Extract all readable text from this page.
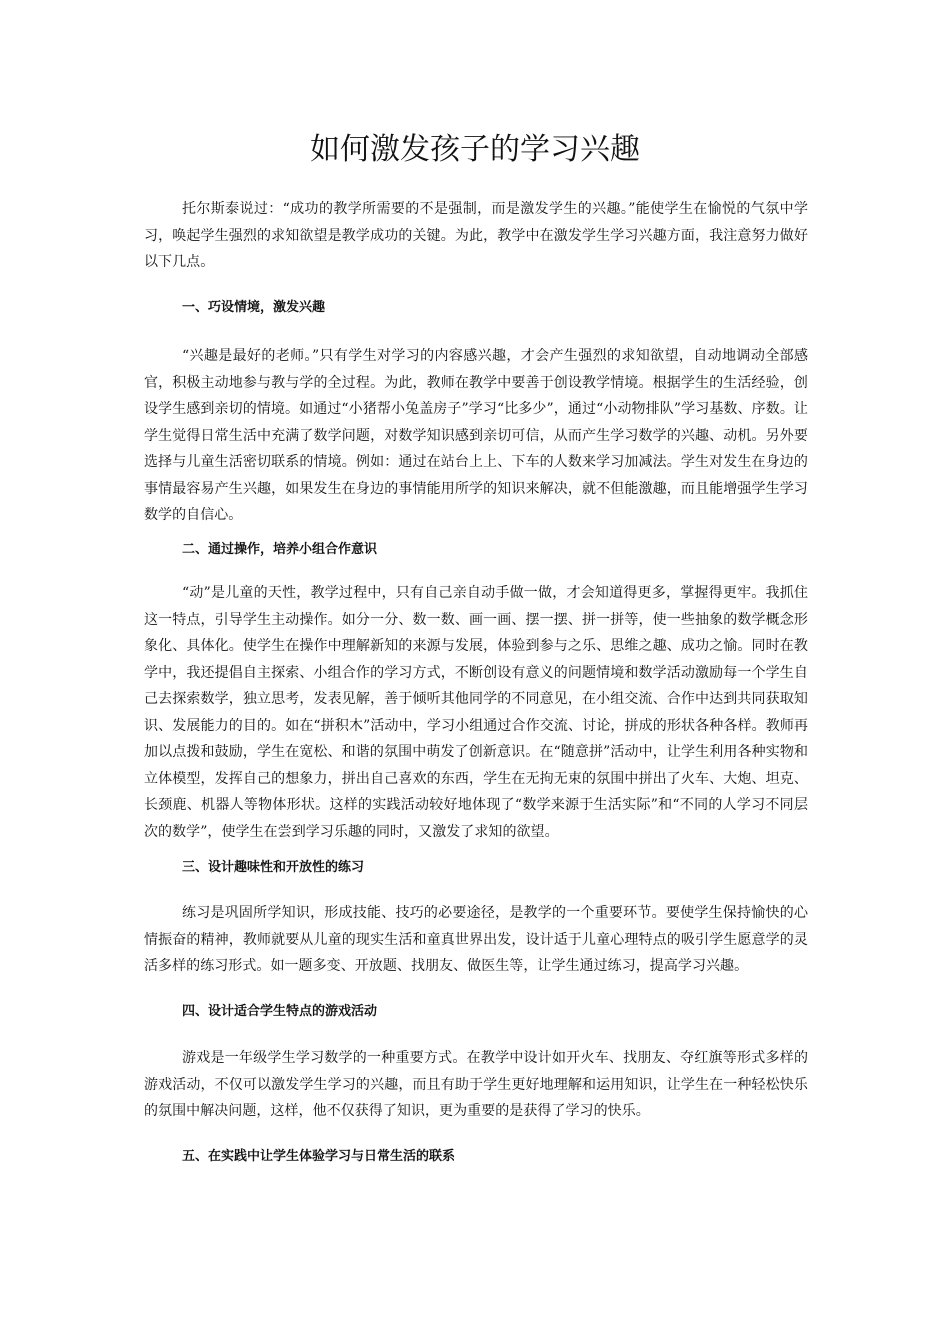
如何激发孩子的学习兴趣

托尔斯泰说过：“成功的教学所需要的不是强制，而是激发学生的兴趣。”能使学生在愉悦的气氛中学习，唤起学生强烈的求知欲望是教学成功的关键。为此，教学中在激发学生学习兴趣方面，我注意努力做好以下几点。

一、巧设情境，激发兴趣

“兴趣是最好的老师。”只有学生对学习的内容感兴趣，才会产生强烈的求知欲望，自动地调动全部感官，积极主动地参与教与学的全过程。为此，教师在教学中要善于创设教学情境。根据学生的生活经验，创设学生感到亲切的情境。如通过“小猪帮小兔盖房子”学习“比多少”，通过“小动物排队”学习基数、序数。让学生觉得日常生活中充满了数学问题，对数学知识感到亲切可信，从而产生学习数学的兴趣、动机。另外要选择与儿童生活密切联系的情境。例如：通过在站台上上、下车的人数来学习加减法。学生对发生在身边的事情最容易产生兴趣，如果发生在身边的事情能用所学的知识来解决，就不但能激趣，而且能增强学生学习数学的自信心。

二、通过操作，培养小组合作意识

“动”是儿童的天性，教学过程中，只有自己亲自动手做一做，才会知道得更多，掌握得更牢。我抓住这一特点，引导学生主动操作。如分一分、数一数、画一画、摆一摆、拼一拼等，使一些抽象的数学概念形象化、具体化。使学生在操作中理解新知的来源与发展，体验到参与之乐、思维之趣、成功之愉。同时在教学中，我还提倡自主探索、小组合作的学习方式，不断创设有意义的问题情境和数学活动激励每一个学生自己去探索数学，独立思考，发表见解，善于倾听其他同学的不同意见，在小组交流、合作中达到共同获取知识、发展能力的目的。如在“拼积木”活动中，学习小组通过合作交流、讨论，拼成的形状各种各样。教师再加以点拨和鼓励，学生在宽松、和谐的氛围中萌发了创新意识。在“随意拼”活动中，让学生利用各种实物和立体模型，发挥自己的想象力，拼出自己喜欢的东西，学生在无拘无束的氛围中拼出了火车、大炮、坦克、长颈鹿、机器人等物体形状。这样的实践活动较好地体现了“数学来源于生活实际”和“不同的人学习不同层次的数学”，使学生在尝到学习乐趣的同时，又激发了求知的欲望。

三、设计趣味性和开放性的练习

练习是巩固所学知识，形成技能、技巧的必要途径，是教学的一个重要环节。要使学生保持愉快的心情振奋的精神，教师就要从儿童的现实生活和童真世界出发，设计适于儿童心理特点的吸引学生愿意学的灵活多样的练习形式。如一题多变、开放题、找朋友、做医生等，让学生通过练习，提高学习兴趣。

四、设计适合学生特点的游戏活动

游戏是一年级学生学习数学的一种重要方式。在教学中设计如开火车、找朋友、夺红旗等形式多样的游戏活动，不仅可以激发学生学习的兴趣，而且有助于学生更好地理解和运用知识，让学生在一种轻松快乐的氛围中解决问题，这样，他不仅获得了知识，更为重要的是获得了学习的快乐。

五、在实践中让学生体验学习与日常生活的联系
